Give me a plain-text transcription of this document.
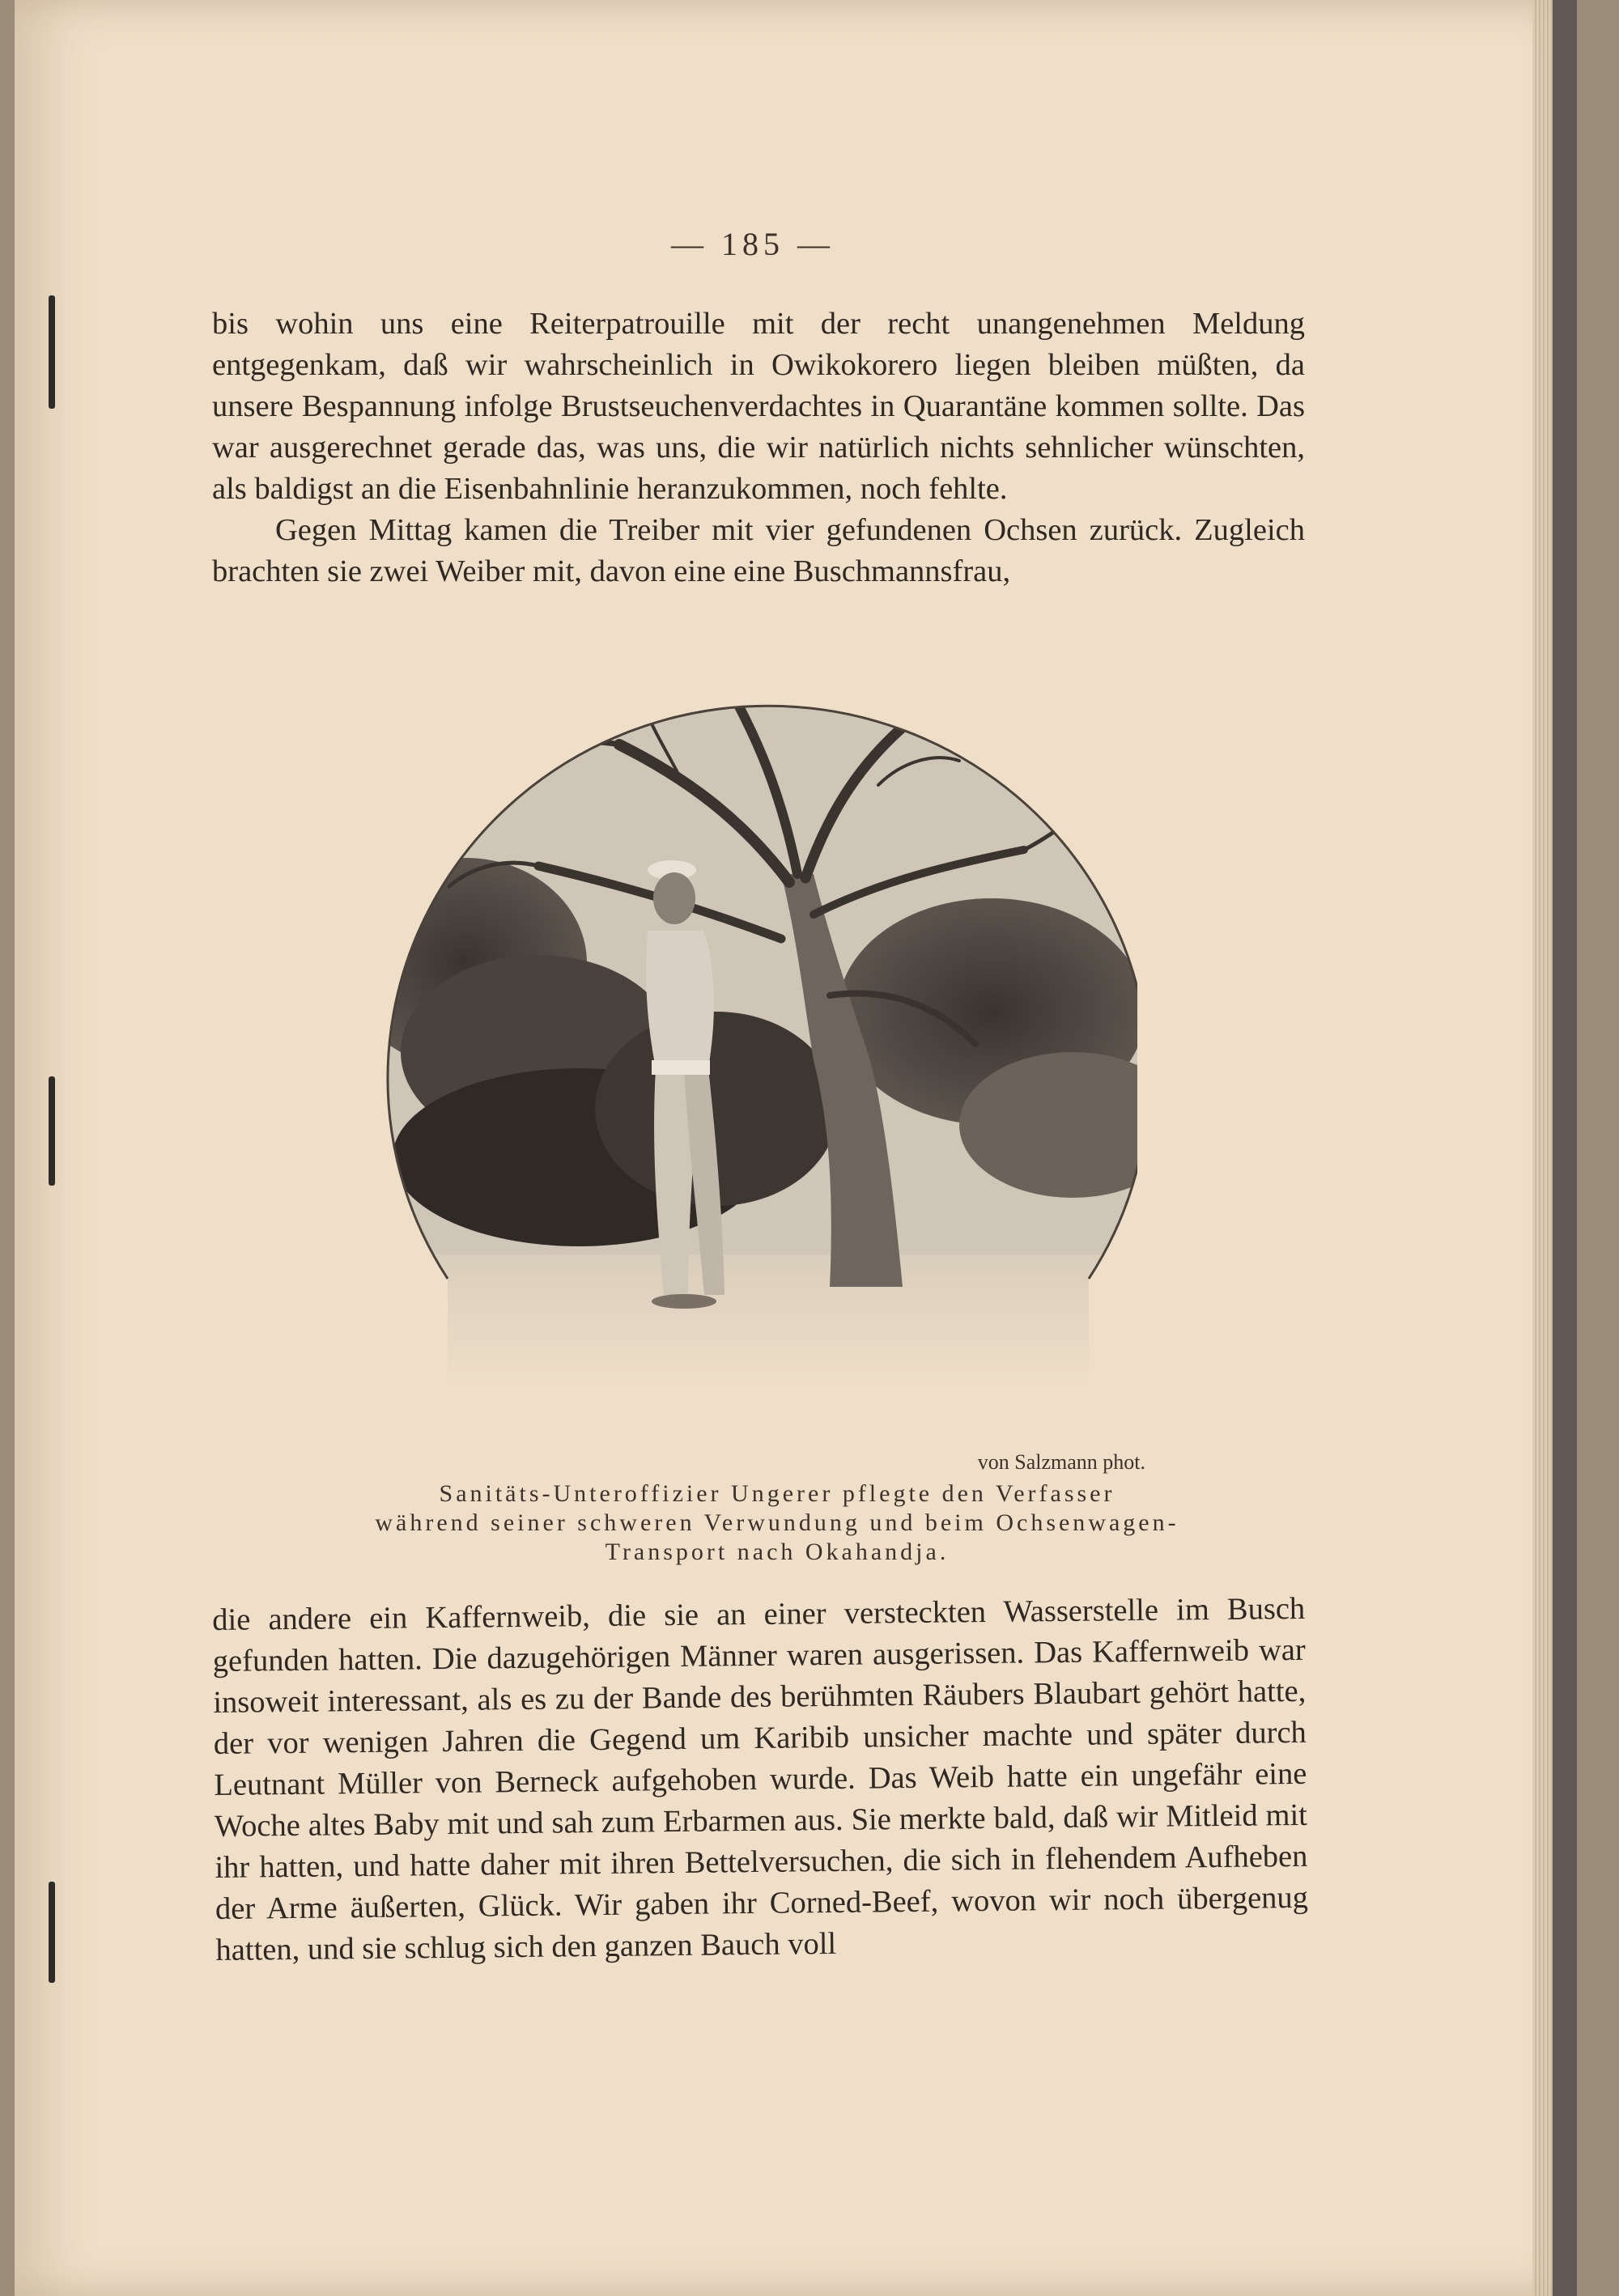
— 185 —

bis wohin uns eine Reiterpatrouille mit der recht unangenehmen Meldung entgegenkam, daß wir wahrscheinlich in Owikokorero liegen bleiben müßten, da unsere Bespannung infolge Brustseuchenverdachtes in Quarantäne kommen sollte. Das war ausgerechnet gerade das, was uns, die wir natürlich nichts sehnlicher wünschten, als baldigst an die Eisenbahnlinie heranzukommen, noch fehlte.

Gegen Mittag kamen die Treiber mit vier gefundenen Ochsen zurück. Zugleich brachten sie zwei Weiber mit, davon eine eine Buschmannsfrau,

von Salzmann phot.
Sanitäts-Unteroffizier Ungerer pflegte den Verfasser
während seiner schweren Verwundung und beim Ochsenwagen-
Transport nach Okahandja.

die andere ein Kaffernweib, die sie an einer versteckten Wasserstelle im Busch gefunden hatten. Die dazugehörigen Männer waren ausgerissen. Das Kaffernweib war insoweit interessant, als es zu der Bande des berühmten Räubers Blaubart gehört hatte, der vor wenigen Jahren die Gegend um Karibib unsicher machte und später durch Leutnant Müller von Berneck aufgehoben wurde. Das Weib hatte ein ungefähr eine Woche altes Baby mit und sah zum Erbarmen aus. Sie merkte bald, daß wir Mitleid mit ihr hatten, und hatte daher mit ihren Bettelversuchen, die sich in flehendem Aufheben der Arme äußerten, Glück. Wir gaben ihr Corned-Beef, wovon wir noch übergenug hatten, und sie schlug sich den ganzen Bauch voll
